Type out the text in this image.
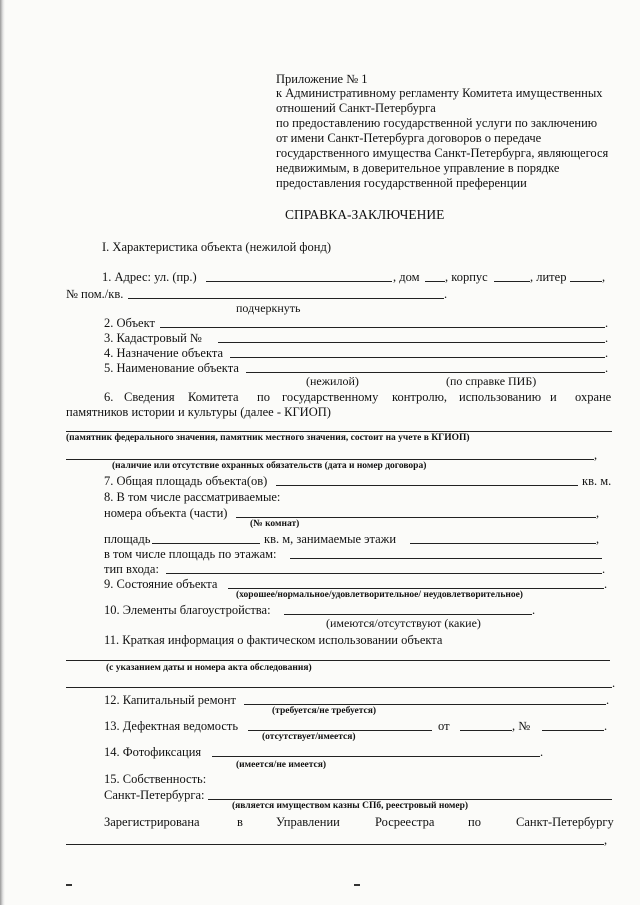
Приложение № 1
к Административному регламенту Комитета имущественных
отношений Санкт-Петербурга
по предоставлению государственной услуги по заключению
от имени Санкт-Петербурга договоров о передаче
государственного имущества Санкт-Петербурга, являющегося
недвижимым, в доверительное управление в порядке
предоставления государственной преференции
СПРАВКА-ЗАКЛЮЧЕНИЕ
I. Характеристика объекта (нежилой фонд)
1. Адрес: ул. (пр.)	, дом , корпус	, литер	,
№ пом./кв.	.
подчеркнуть
2. Объект	.
3. Кадастровый №	.
4. Назначение объекта	.
5. Наименование объекта	.
(нежилой)	(по справке ПИБ)
6. Сведения Комитета по государственному контролю, использованию и охране
памятников истории и культуры (далее - КГИОП)
(памятник федерального значения, памятник местного значения, состоит на учете в КГИОП)
,
(наличие или отсутствие охранных обязательств (дата и номер договора)
7. Общая площадь объекта(ов)	кв. м.
8. В том числе рассматриваемые:
номера объекта (части)	,
(№ комнат)
площадь	кв. м, занимаемые этажи	,
в том числе площадь по этажам:
тип входа:	.
9. Состояние объекта	.
(хорошее/нормальное/удовлетворительное/ неудовлетворительное)
10. Элементы благоустройства:	.
(имеются/отсутствуют (какие)
11. Краткая информация о фактическом использовании объекта
(с указанием даты и номера акта обследования)
.
12. Капитальный ремонт	.
(требуется/не требуется)
13. Дефектная ведомость	от	, №	.
(отсутствует/имеется)
14. Фотофиксация	.
(имеется/не имеется)
15. Собственность:
Санкт-Петербурга:
(является имуществом казны СПб, реестровый номер)
Зарегистрирована	в	Управлении	Росреестра	по	Санкт-Петербургу
,
